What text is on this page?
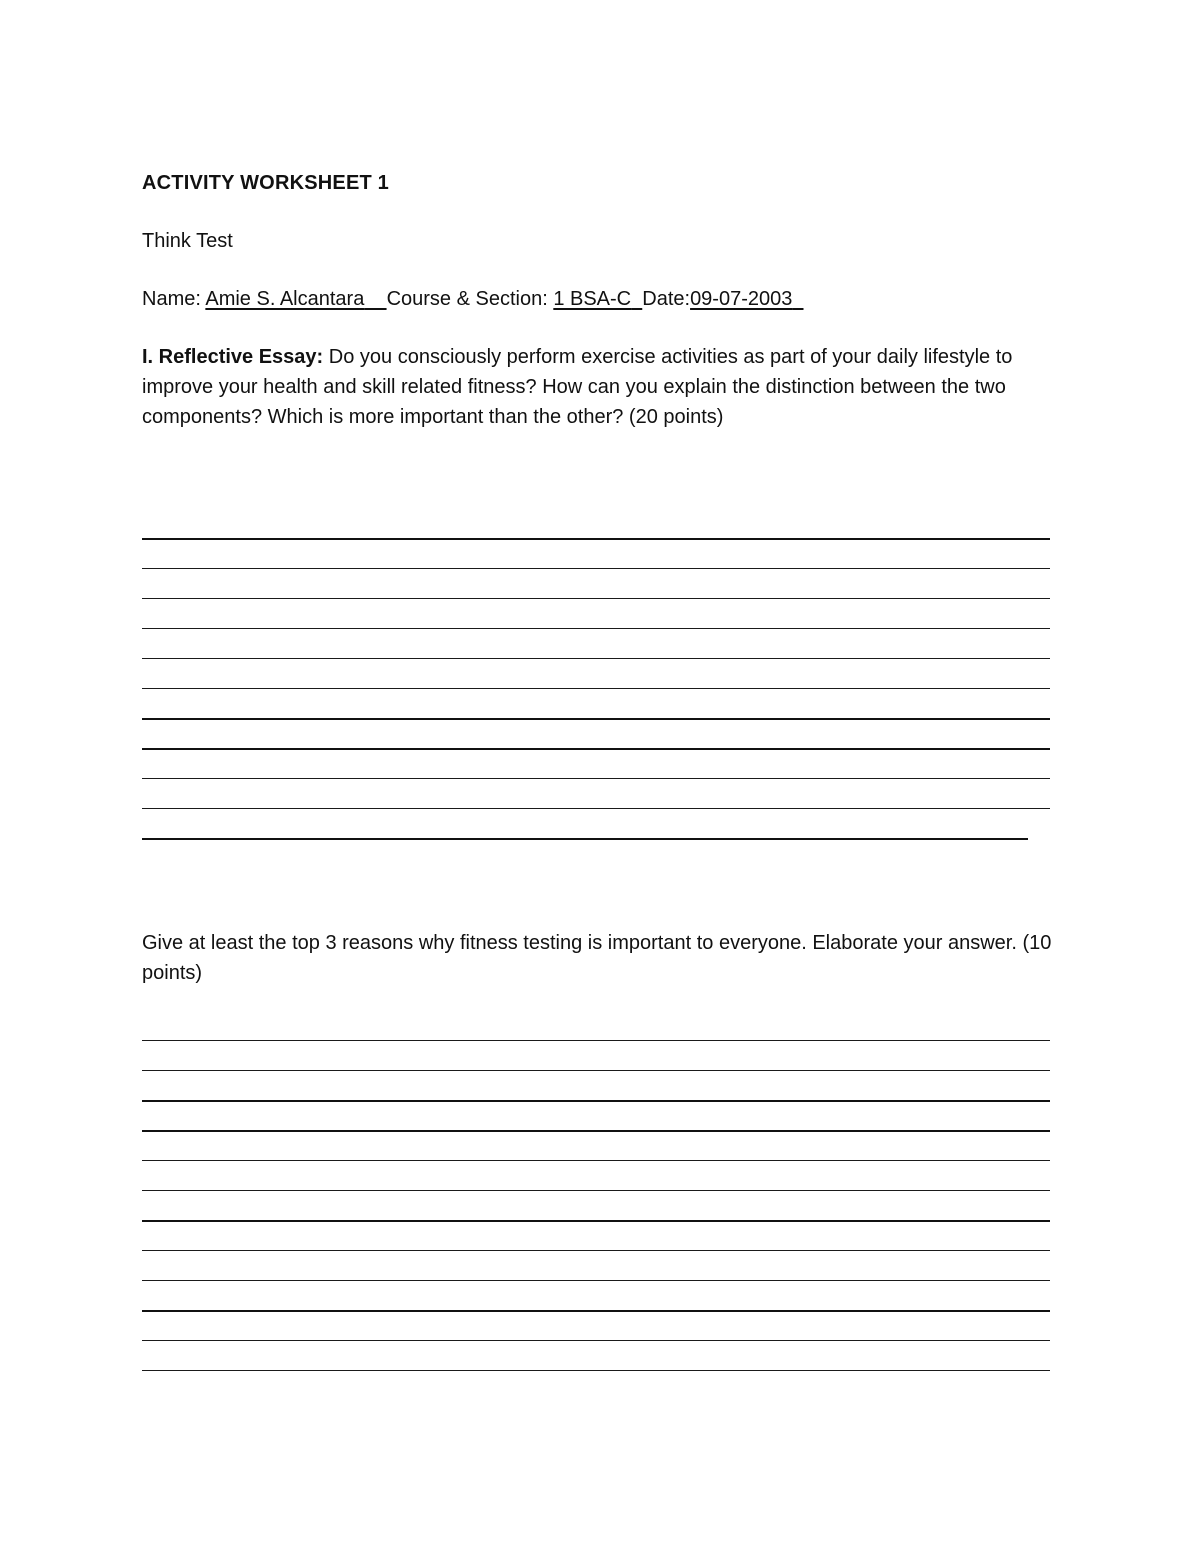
ACTIVITY WORKSHEET 1
Think Test
Name: Amie S. Alcantara Course & Section: 1 BSA-C Date:09-07-2003
I. Reflective Essay: Do you consciously perform exercise activities as part of your daily lifestyle to improve your health and skill related fitness? How can you explain the distinction between the two components? Which is more important than the other? (20 points)
Give at least the top 3 reasons why fitness testing is important to everyone. Elaborate your answer. (10 points)
